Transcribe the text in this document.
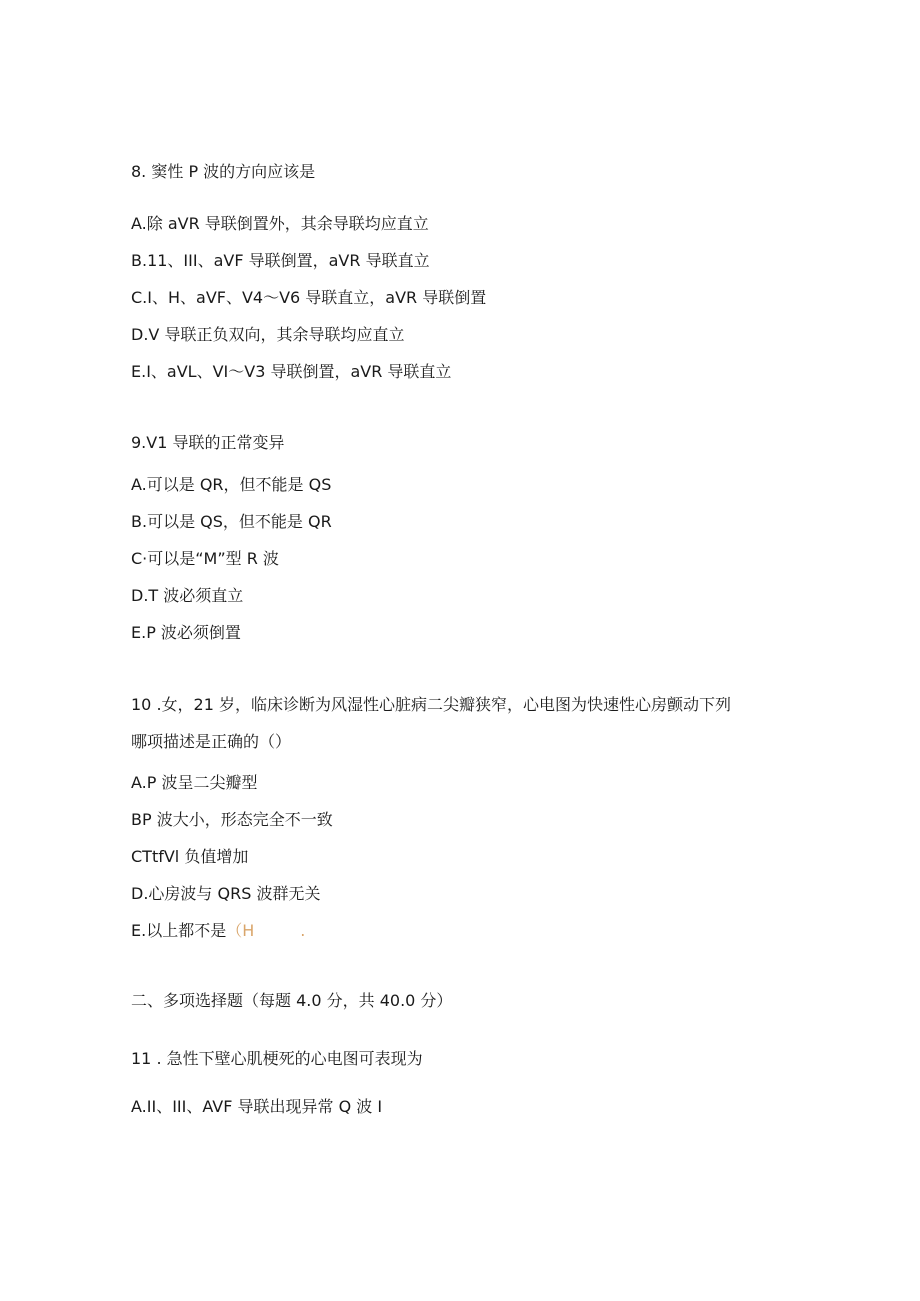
8. 窦性 P 波的方向应该是
A.除 aVR 导联倒置外，其余导联均应直立
B.11、III、aVF 导联倒置，aVR 导联直立
C.I、H、aVF、V4～V6 导联直立，aVR 导联倒置
D.V 导联正负双向，其余导联均应直立
E.I、aVL、VI～V3 导联倒置，aVR 导联直立
9.V1 导联的正常变异
A.可以是 QR，但不能是 QS
B.可以是 QS，但不能是 QR
C·可以是“M”型 R 波
D.T 波必须直立
E.P 波必须倒置
10 .女，21 岁，临床诊断为风湿性心脏病二尖瓣狭窄，心电图为快速性心房颤动下列
哪项描述是正确的（）
A.P 波呈二尖瓣型
BP 波大小，形态完全不一致
CTtfVl 负值增加
D.心房波与 QRS 波群无关
E.以上都不是（H	.
二、多项选择题（每题 4.0 分，共 40.0 分）
11 . 急性下壁心肌梗死的心电图可表现为
A.II、III、AVF 导联出现异常 Q 波 I
